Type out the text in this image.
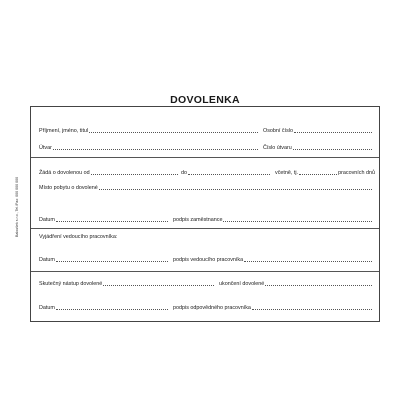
DOVOLENKA
Baloušek s.r.o., Tel./Fax: 000 000 000
Příjmení, jméno, titul	Osobní číslo
Útvar	Číslo útvaru
Žádá o dovolenou od	do	včetně, tj.	pracovních dnů
Místo pobytu o dovolené
Datum	podpis zaměstnance
Vyjádření vedoucího pracovníka:
Datum	podpis vedoucího pracovníka
Skutečný nástup dovolené	ukončení dovolené
Datum	podpis odpovědného pracovníka
